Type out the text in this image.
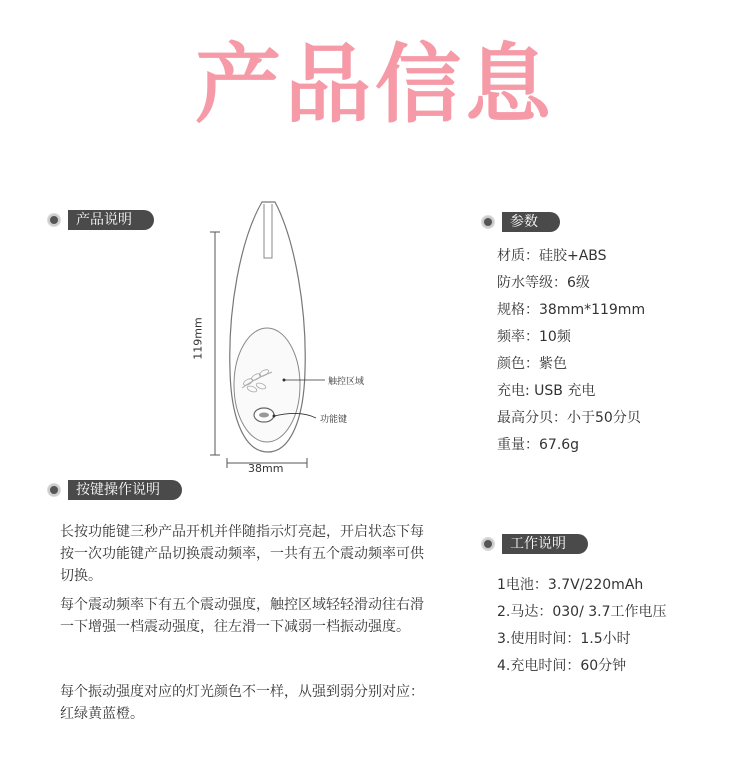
产品信息
产品说明
119mm
38mm
触控区域
功能键
按键操作说明
长按功能键三秒产品开机并伴随指示灯亮起，开启状态下每按一次功能键产品切换震动频率，一共有五个震动频率可供切换。
每个震动频率下有五个震动强度，触控区域轻轻滑动往右滑一下增强一档震动强度，往左滑一下减弱一档振动强度。
每个振动强度对应的灯光颜色不一样，从强到弱分别对应：红绿黄蓝橙。
参数
材质：硅胶+ABS
防水等级：6级
规格：38mm*119mm
频率：10频
颜色：紫色
充电: USB 充电
最高分贝：小于50分贝
重量：67.6g
工作说明
1电池：3.7V/220mAh
2.马达：030/ 3.7工作电压
3.使用时间：1.5小时
4.充电时间：60分钟
